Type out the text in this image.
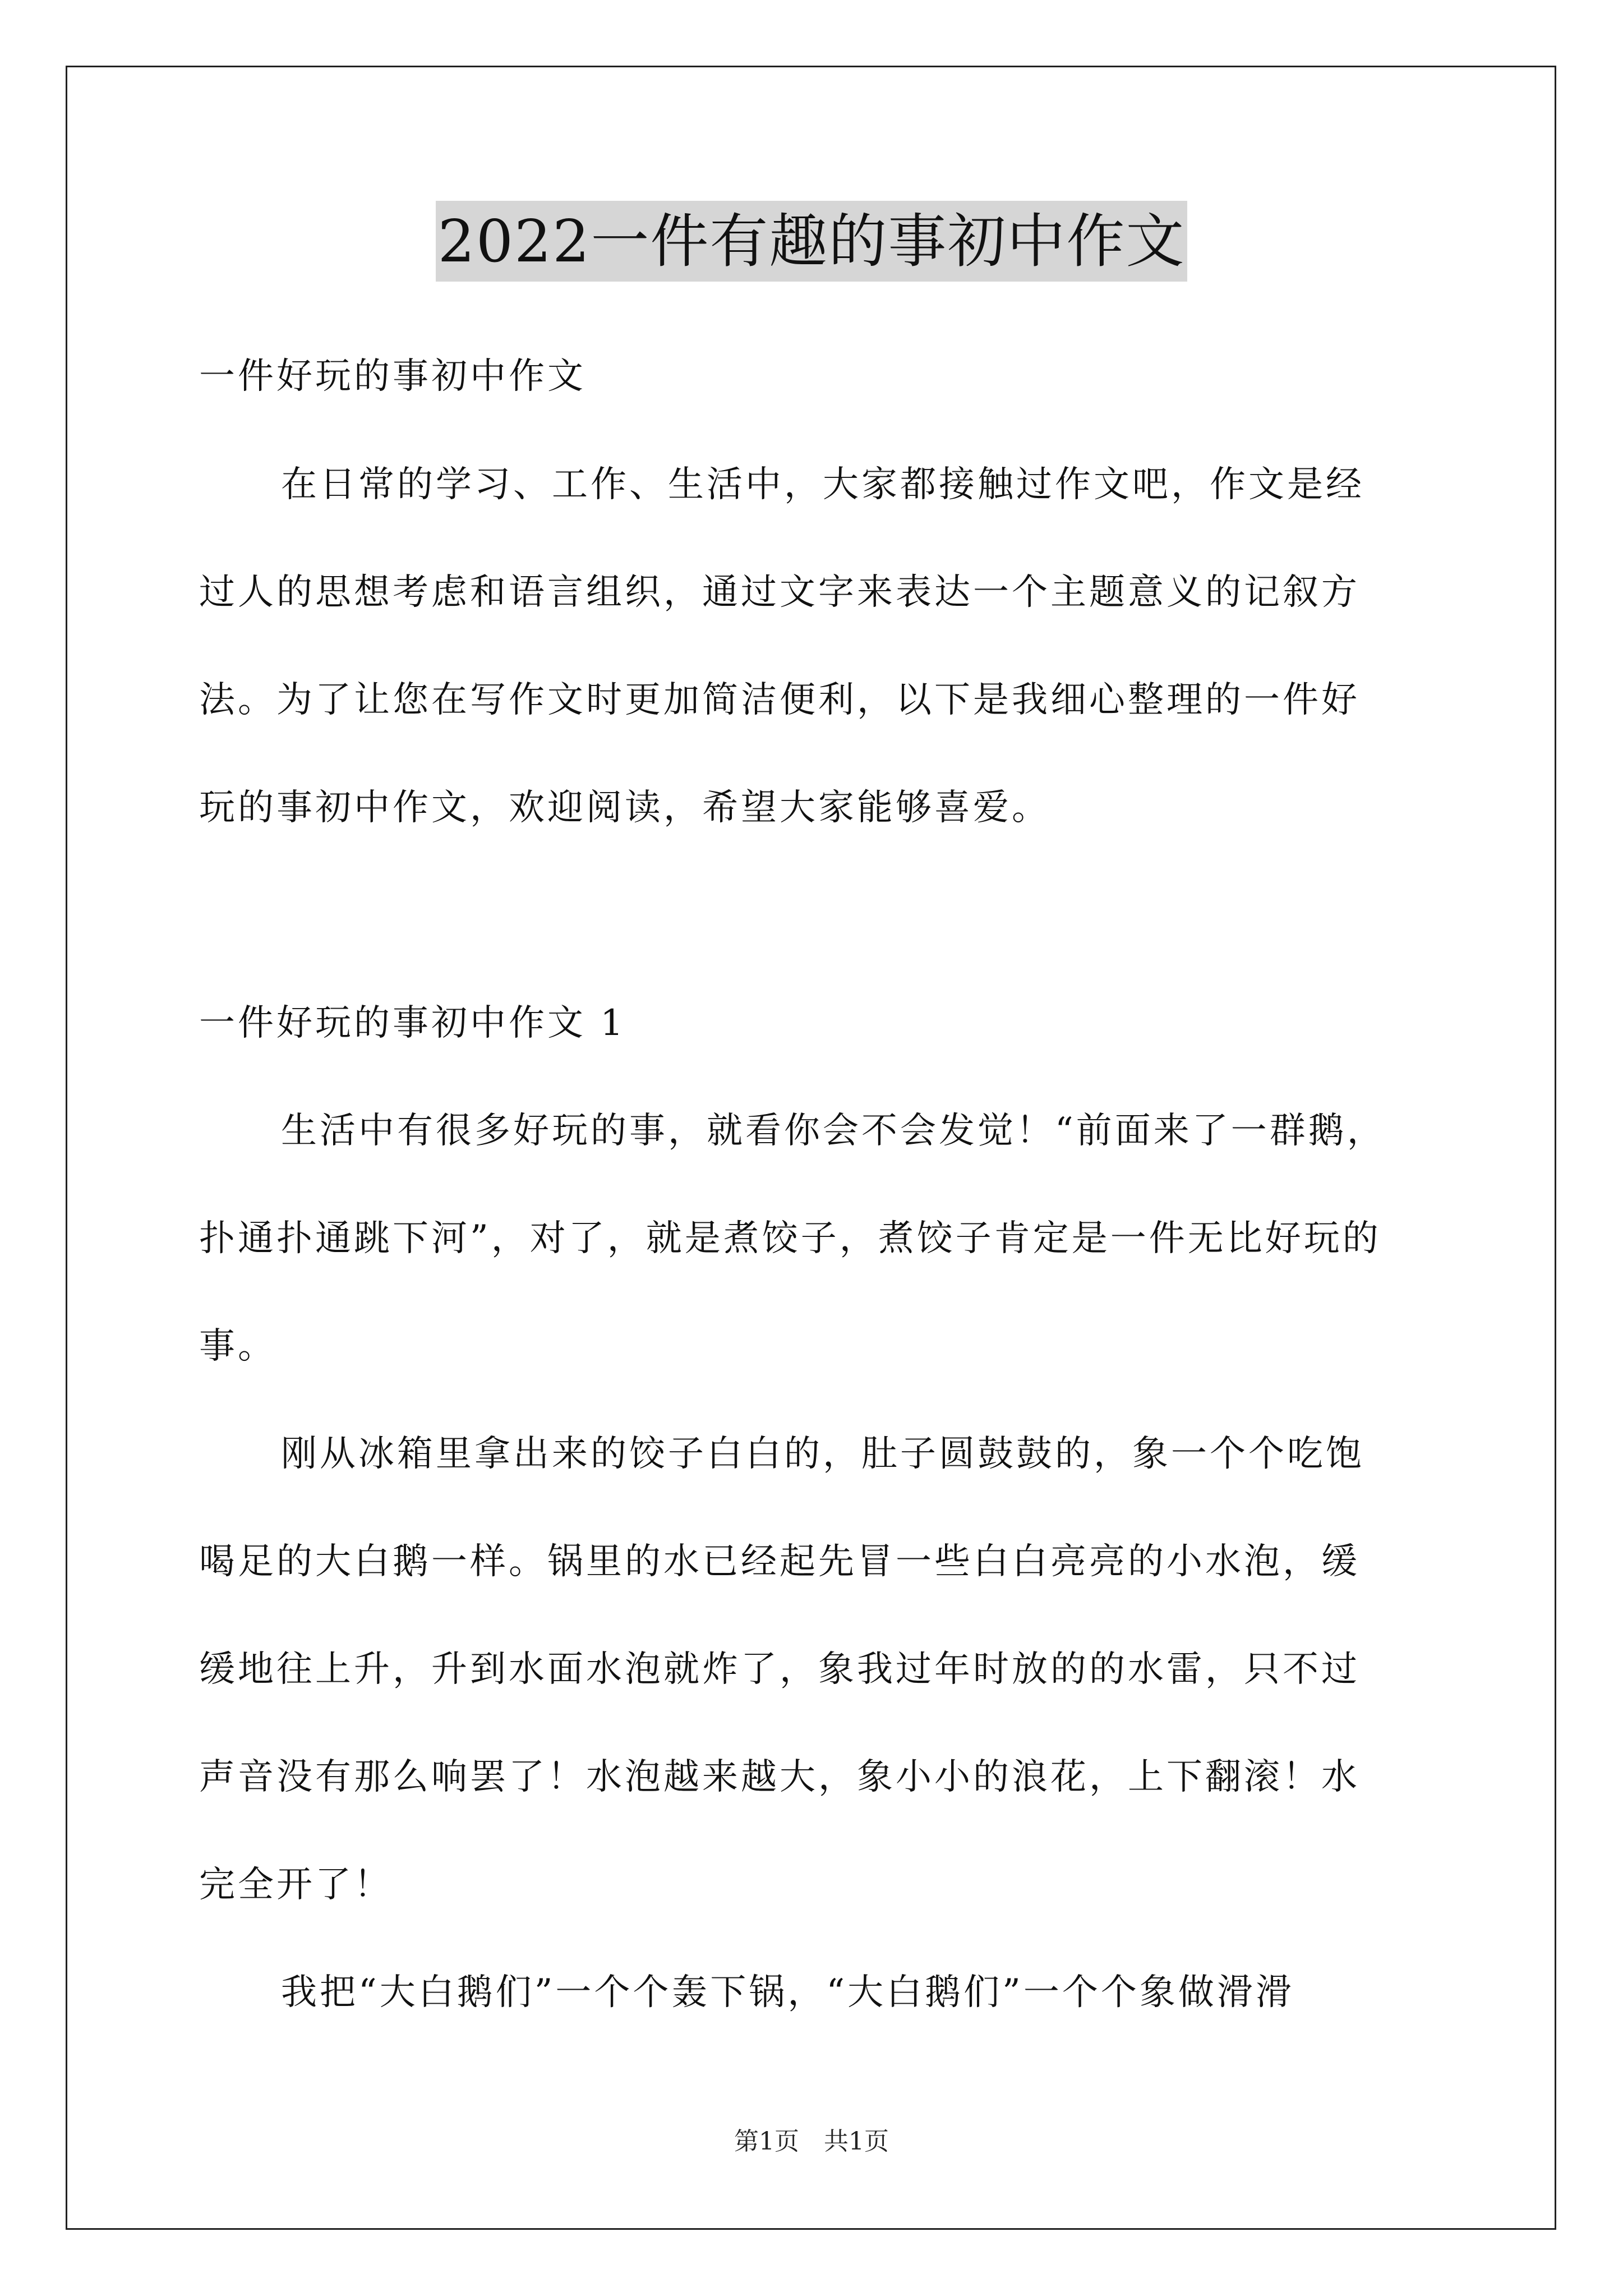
2022一件有趣的事初中作文
一件好玩的事初中作文
在日常的学习、工作、生活中，大家都接触过作文吧，作文是经
过人的思想考虑和语言组织，通过文字来表达一个主题意义的记叙方
法。为了让您在写作文时更加简洁便利，以下是我细心整理的一件好
玩的事初中作文，欢迎阅读，希望大家能够喜爱。
一件好玩的事初中作文 1
生活中有很多好玩的事，就看你会不会发觉！“前面来了一群鹅，
扑通扑通跳下河”，对了，就是煮饺子，煮饺子肯定是一件无比好玩的
事。
刚从冰箱里拿出来的饺子白白的，肚子圆鼓鼓的，象一个个吃饱
喝足的大白鹅一样。锅里的水已经起先冒一些白白亮亮的小水泡，缓
缓地往上升，升到水面水泡就炸了，象我过年时放的的水雷，只不过
声音没有那么响罢了！水泡越来越大，象小小的浪花，上下翻滚！水
完全开了！
我把“大白鹅们”一个个轰下锅，“大白鹅们”一个个象做滑滑
第1页　共1页
